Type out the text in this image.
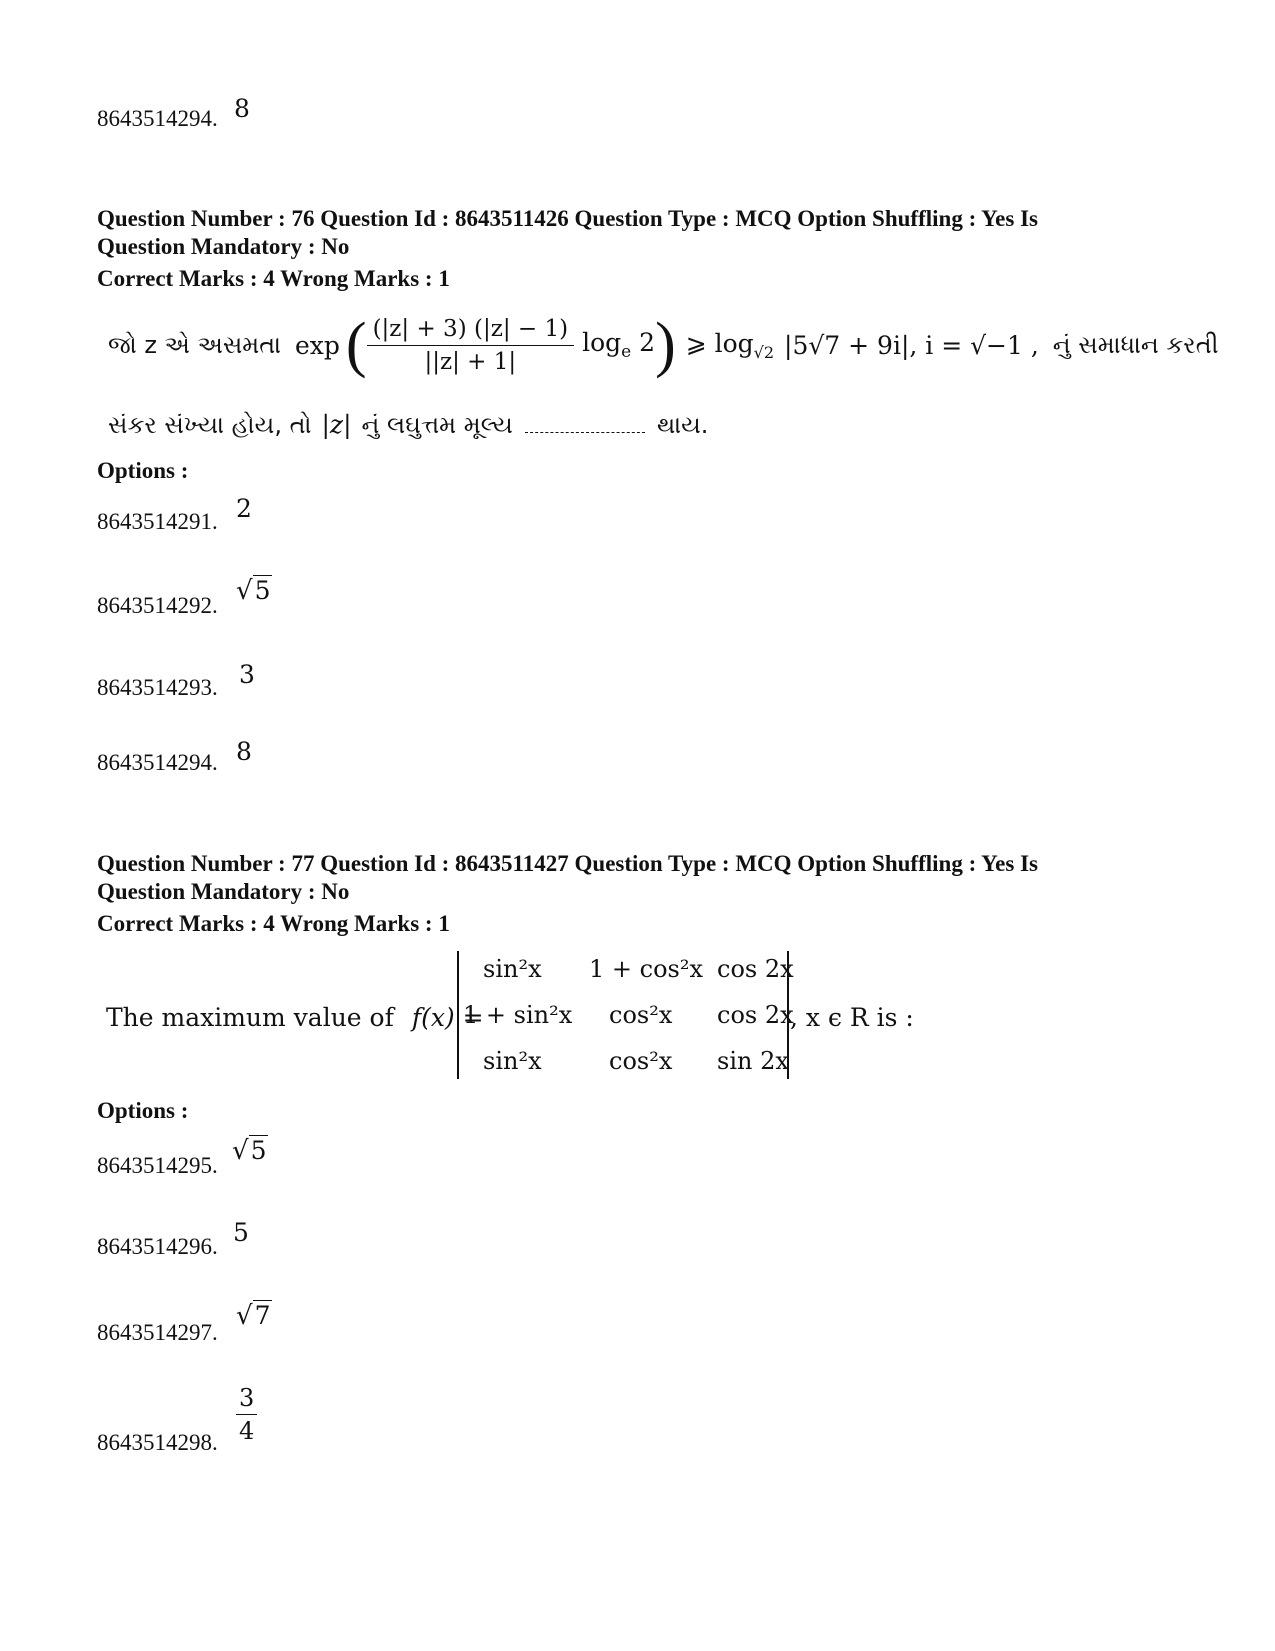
8643514294. 8
Question Number : 76 Question Id : 8643511426 Question Type : MCQ Option Shuffling : Yes Is
Question Mandatory : No
Correct Marks : 4 Wrong Marks : 1
જો z એ અસમતા exp ( $\frac{(|z| + 3) (|z| - 1)}{||z| + 1|} \log_e 2$ ) ⩾ $\log_{√2} |5√7 + 9i|$, i = √−1 , નું સમાધાન કરતી
સંકર સંખ્યા હોય, તો |z| નું લઘુત્તમ મૂલ્ય	થાય.
Options :
8643514291. 2
8643514292. √5
8643514293. 3
8643514294. 8
Question Number : 77 Question Id : 8643511427 Question Type : MCQ Option Shuffling : Yes Is
Question Mandatory : No
Correct Marks : 4 Wrong Marks : 1
The maximum value of f(x) =
sin²x 1 + cos²x cos 2x
1 + sin²x cos²x cos 2x
sin²x	cos²x sin 2x
, x ϵ R is :
Options :
8643514295. √5
8643514296. 5
8643514297.
√7
8643514298. $\frac{3}{4}$
